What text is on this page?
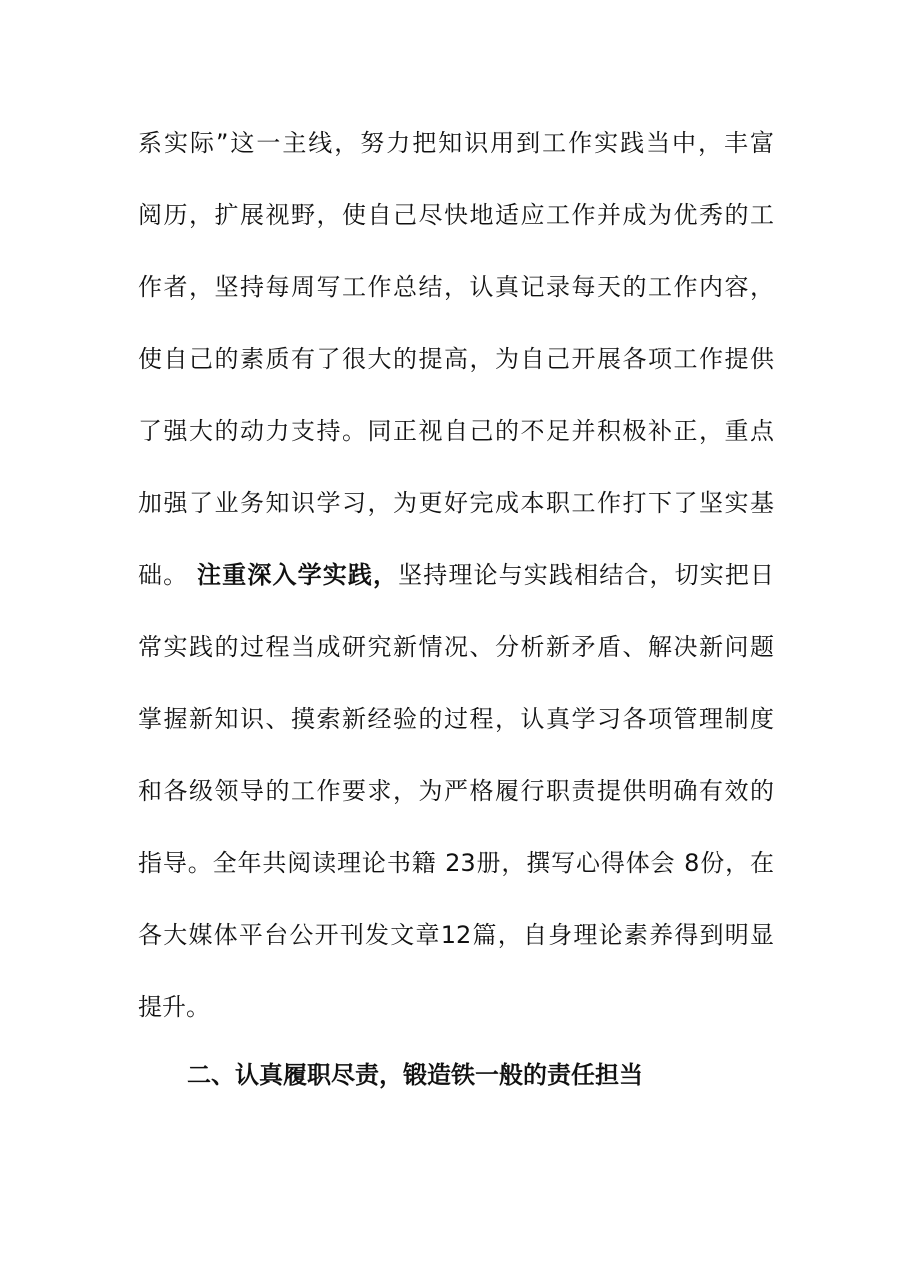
系实际”这一主线，努力把知识用到工作实践当中，丰富
阅历，扩展视野，使自己尽快地适应工作并成为优秀的工
作者，坚持每周写工作总结，认真记录每天的工作内容，
使自己的素质有了很大的提高，为自己开展各项工作提供
了强大的动力支持。同正视自己的不足并积极补正，重点
加强了业务知识学习，为更好完成本职工作打下了坚实基
础。 注重深入学实践，坚持理论与实践相结合，切实把日
常实践的过程当成研究新情况、分析新矛盾、解决新问题
掌握新知识、摸索新经验的过程，认真学习各项管理制度
和各级领导的工作要求，为严格履行职责提供明确有效的
指导。全年共阅读理论书籍 23册，撰写心得体会 8份，在
各大媒体平台公开刊发文章12篇，自身理论素养得到明显
提升。
二、认真履职尽责，锻造铁一般的责任担当
